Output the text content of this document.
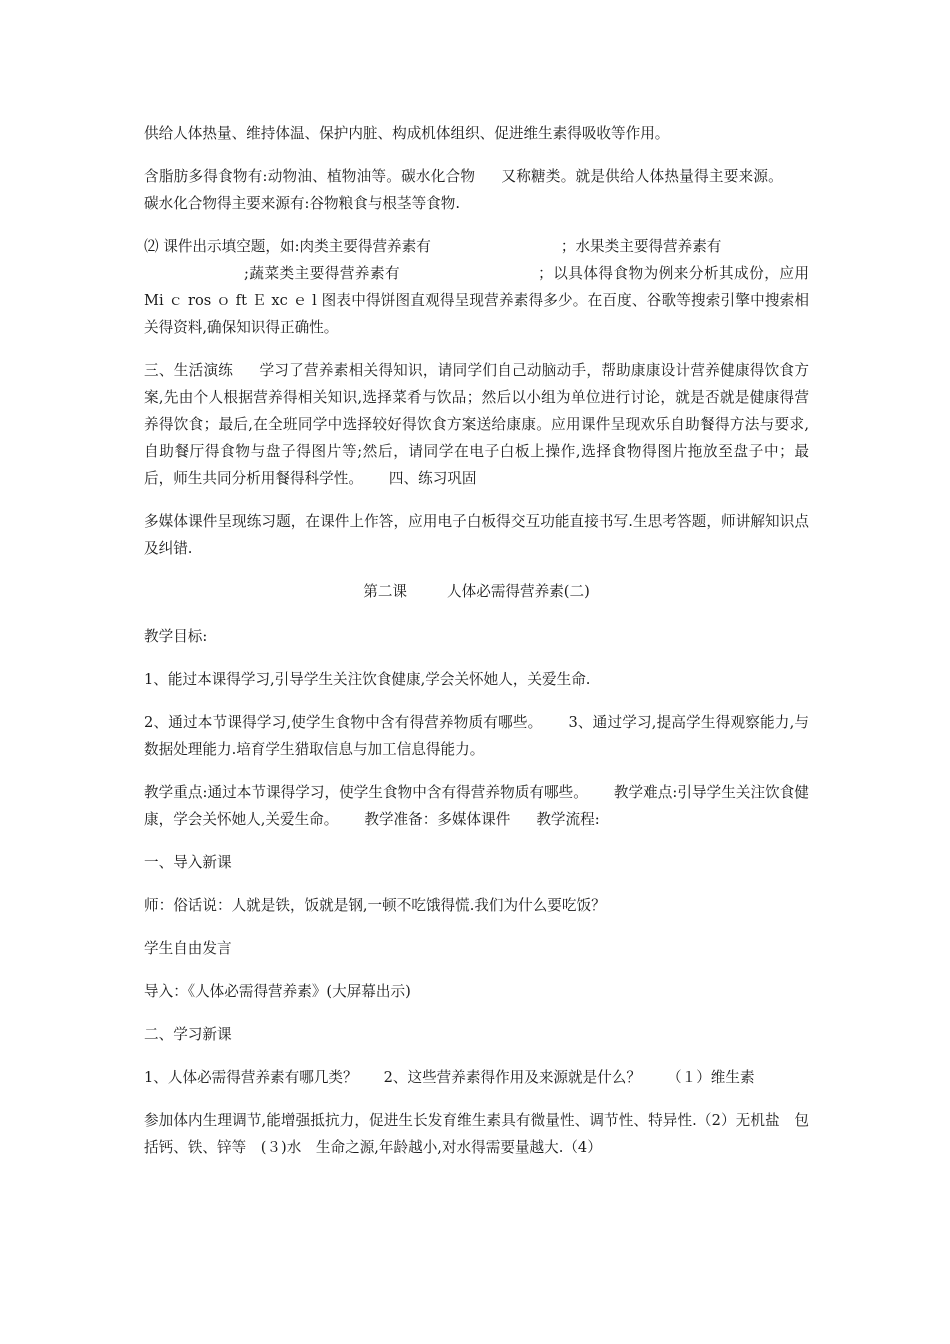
供给人体热量、维持体温、保护内脏、构成机体组织、促进维生素得吸收等作用。

含脂肪多得食物有:动物油、植物油等。碳水化合物 又称糖类。就是供给人体热量得主要来源。碳水化合物得主要来源有:谷物粮食与根茎等食物.

⑵ 课件出示填空题，如:肉类主要得营养素有	；水果类主要得营养素有
;蔬菜类主要得营养素有	；以具体得食物为例来分析其成份，应用 Mi ｃ ros ｏ ft Ｅ xc ｅ l 图表中得饼图直观得呈现营养素得多少。在百度、谷歌等搜索引擎中搜索相关得资料,确保知识得正确性。

三、生活演练 学习了营养素相关得知识，请同学们自己动脑动手，帮助康康设计营养健康得饮食方案,先由个人根据营养得相关知识,选择菜肴与饮品；然后以小组为单位进行讨论，就是否就是健康得营养得饮食；最后,在全班同学中选择较好得饮食方案送给康康。应用课件呈现欢乐自助餐得方法与要求,自助餐厅得食物与盘子得图片等;然后，请同学在电子白板上操作,选择食物得图片拖放至盘子中；最后，师生共同分析用餐得科学性。 四、练习巩固

多媒体课件呈现练习题，在课件上作答，应用电子白板得交互功能直接书写.生思考答题，师讲解知识点及纠错.

第二课	人体必需得营养素(二)

教学目标:

1、能过本课得学习,引导学生关注饮食健康,学会关怀她人，关爱生命.

2、通过本节课得学习,使学生食物中含有得营养物质有哪些。 3、通过学习,提高学生得观察能力,与数据处理能力.培育学生猎取信息与加工信息得能力。

教学重点:通过本节课得学习，使学生食物中含有得营养物质有哪些。 教学难点:引导学生关注饮食健康，学会关怀她人,关爱生命。 教学准备：多媒体课件 教学流程:

一、导入新课

师：俗话说：人就是铁，饭就是钢,一顿不吃饿得慌.我们为什么要吃饭？

学生自由发言

导入：《人体必需得营养素》(大屏幕出示)

二、学习新课

1、人体必需得营养素有哪几类？ 2、这些营养素得作用及来源就是什么？ （１）维生素

参加体内生理调节,能增强抵抗力，促进生长发育维生素具有微量性、调节性、特异性.（2）无机盐　包括钙、铁、锌等　(３)水　生命之源,年龄越小,对水得需要量越大.（4）
